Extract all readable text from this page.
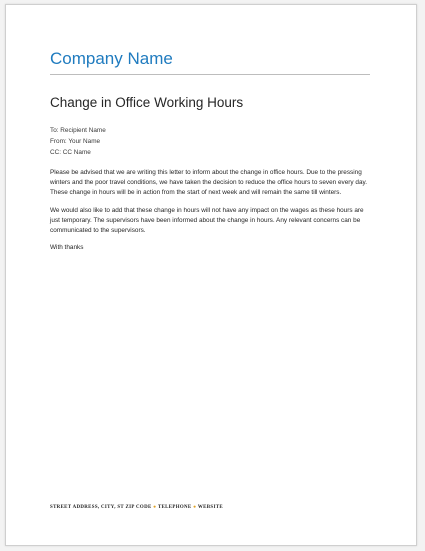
Company Name
Change in Office Working Hours
To: Recipient Name
From: Your Name
CC: CC Name

Please be advised that we are writing this letter to inform about the change in office hours. Due to the pressing winters and the poor travel conditions, we have taken the decision to reduce the office hours to seven every day. These change in hours will be in action from the start of next week and will remain the same till winters.

We would also like to add that these change in hours will not have any impact on the wages as these hours are just temporary. The supervisors have been informed about the change in hours. Any relevant concerns can be communicated to the supervisors.

With thanks

STREET ADDRESS, CITY, ST ZIP CODE ● TELEPHONE ● WEBSITE
